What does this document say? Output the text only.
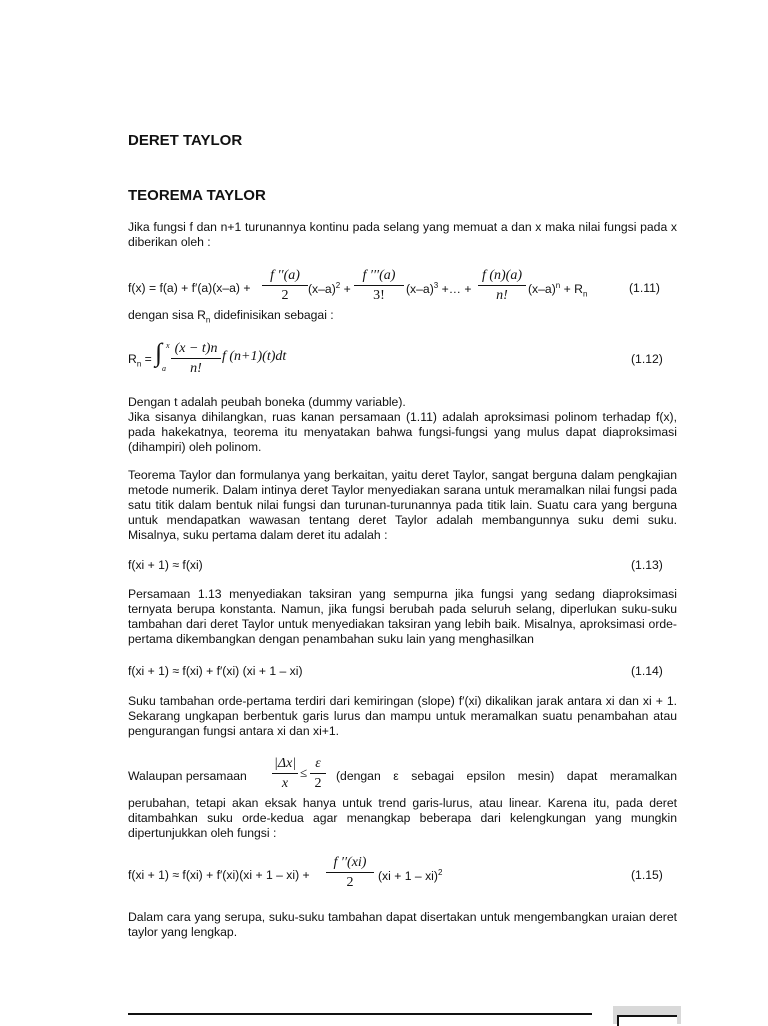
DERET TAYLOR
TEOREMA TAYLOR

Jika fungsi f dan n+1 turunannya kontinu pada selang yang memuat a dan x maka nilai fungsi pada x diberikan oleh :

$f(x) = f(a) + f'(a)(x-a) + \frac{f ''(a)}{2} (x-a)^2 + \frac{f '''(a)}{3!} (x-a)^3$ +… + $\frac{f (n)(a)}{n!} (x-a)^n + R_n$	(1.11)
dengan sisa $R_n$ didefinisikan sebagai :
$R_n$ = ∫ x
a $\frac{(x - t)n}{n!}$ f (n+1)(t)dt	(1.12)

Dengan t adalah peubah boneka (dummy variable).

Jika sisanya dihilangkan, ruas kanan persamaan (1.11) adalah aproksimasi polinom terhadap f(x), pada hakekatnya, teorema itu menyatakan bahwa fungsi-fungsi yang mulus dapat diaproksimasi (dihampiri) oleh polinom.

Teorema Taylor dan formulanya yang berkaitan, yaitu deret Taylor, sangat berguna dalam pengkajian metode numerik. Dalam intinya deret Taylor menyediakan sarana untuk meramalkan nilai fungsi pada satu titik dalam bentuk nilai fungsi dan turunan-turunannya pada titik lain. Suatu cara yang berguna untuk mendapatkan wawasan tentang deret Taylor adalah membangunnya suku demi suku. Misalnya, suku pertama dalam deret itu adalah :

f(xi + 1) ≈ f(xi)	(1.13)

Persamaan 1.13 menyediakan taksiran yang sempurna jika fungsi yang sedang diaproksimasi ternyata berupa konstanta. Namun, jika fungsi berubah pada seluruh selang, diperlukan suku-suku tambahan dari deret Taylor untuk menyediakan taksiran yang lebih baik. Misalnya, aproksimasi orde-pertama dikembangkan dengan penambahan suku lain yang menghasilkan

f(xi + 1) ≈ f(xi) + f′(xi) (xi + 1 – xi)	(1.14)

Suku tambahan orde-pertama terdiri dari kemiringan (slope) f′(xi) dikalikan jarak antara xi dan xi + 1. Sekarang ungkapan berbentuk garis lurus dan mampu untuk meramalkan suatu penambahan atau pengurangan fungsi antara xi dan xi+1.

Walaupan persamaan $\frac{|\Delta x|}{x} \le \frac{\varepsilon}{2}$ (dengan ε sebagai epsilon mesin) dapat meramalkan

perubahan, tetapi akan eksak hanya untuk trend garis-lurus, atau linear. Karena itu, pada deret ditambahkan suku orde-kedua agar menangkap beberapa dari kelengkungan yang mungkin dipertunjukkan oleh fungsi :

$f(xi + 1) \approx f(xi) + f'(xi)(xi + 1 - xi) + \frac{f ''(xi)}{2} (xi + 1 - xi)^2$	(1.15)

Dalam cara yang serupa, suku-suku tambahan dapat disertakan untuk mengembangkan uraian deret taylor yang lengkap.
